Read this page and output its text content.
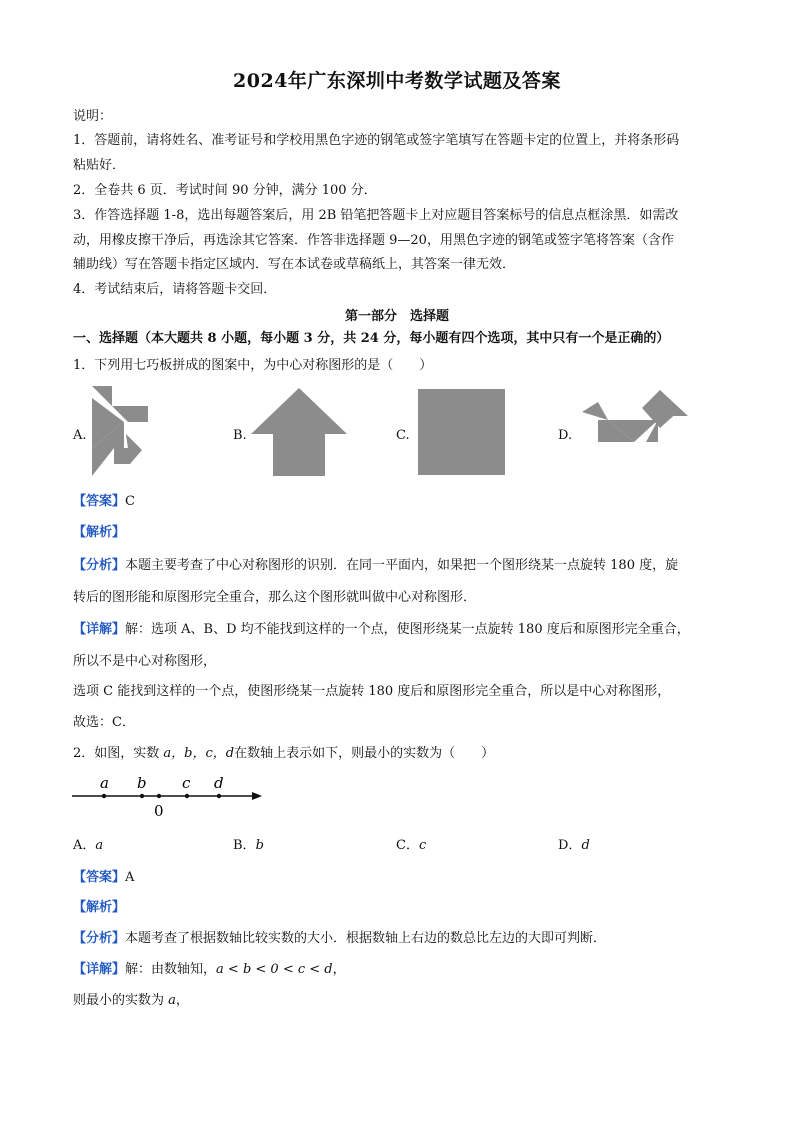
2024年广东深圳中考数学试题及答案
说明：
1．答题前，请将姓名、准考证号和学校用黑色字迹的钢笔或签字笔填写在答题卡定的位置上，并将条形码
粘贴好．
2．全卷共 6 页．考试时间 90 分钟，满分 100 分．
3．作答选择题 1-8，选出每题答案后，用 2B 铅笔把答题卡上对应题目答案标号的信息点框涂黑．如需改
动，用橡皮擦干净后，再选涂其它答案．作答非选择题 9—20，用黑色字迹的钢笔或签字笔将答案（含作
辅助线）写在答题卡指定区域内．写在本试卷或草稿纸上，其答案一律无效．
4．考试结束后，请将答题卡交回．
第一部分　选择题
一、选择题（本大题共 8 小题，每小题 3 分，共 24 分，每小题有四个选项，其中只有一个是正确的）
1．下列用七巧板拼成的图案中，为中心对称图形的是（　　）
A.	B.	C.	D.
【答案】C
【解析】
【分析】本题主要考查了中心对称图形的识别．在同一平面内，如果把一个图形绕某一点旋转 180 度，旋
转后的图形能和原图形完全重合，那么这个图形就叫做中心对称图形．
【详解】解：选项 A、B、D 均不能找到这样的一个点，使图形绕某一点旋转 180 度后和原图形完全重合，
所以不是中心对称图形，
选项 C 能找到这样的一个点，使图形绕某一点旋转 180 度后和原图形完全重合，所以是中心对称图形，
故选：C．
2．如图，实数 a，b，c，d在数轴上表示如下，则最小的实数为（　　）
a b c d
0
A．a	B．b	C．c	D．d
【答案】A
【解析】
【分析】本题考查了根据数轴比较实数的大小．根据数轴上右边的数总比左边的大即可判断．
【详解】解：由数轴知，a < b < 0 < c < d，
则最小的实数为 a，
